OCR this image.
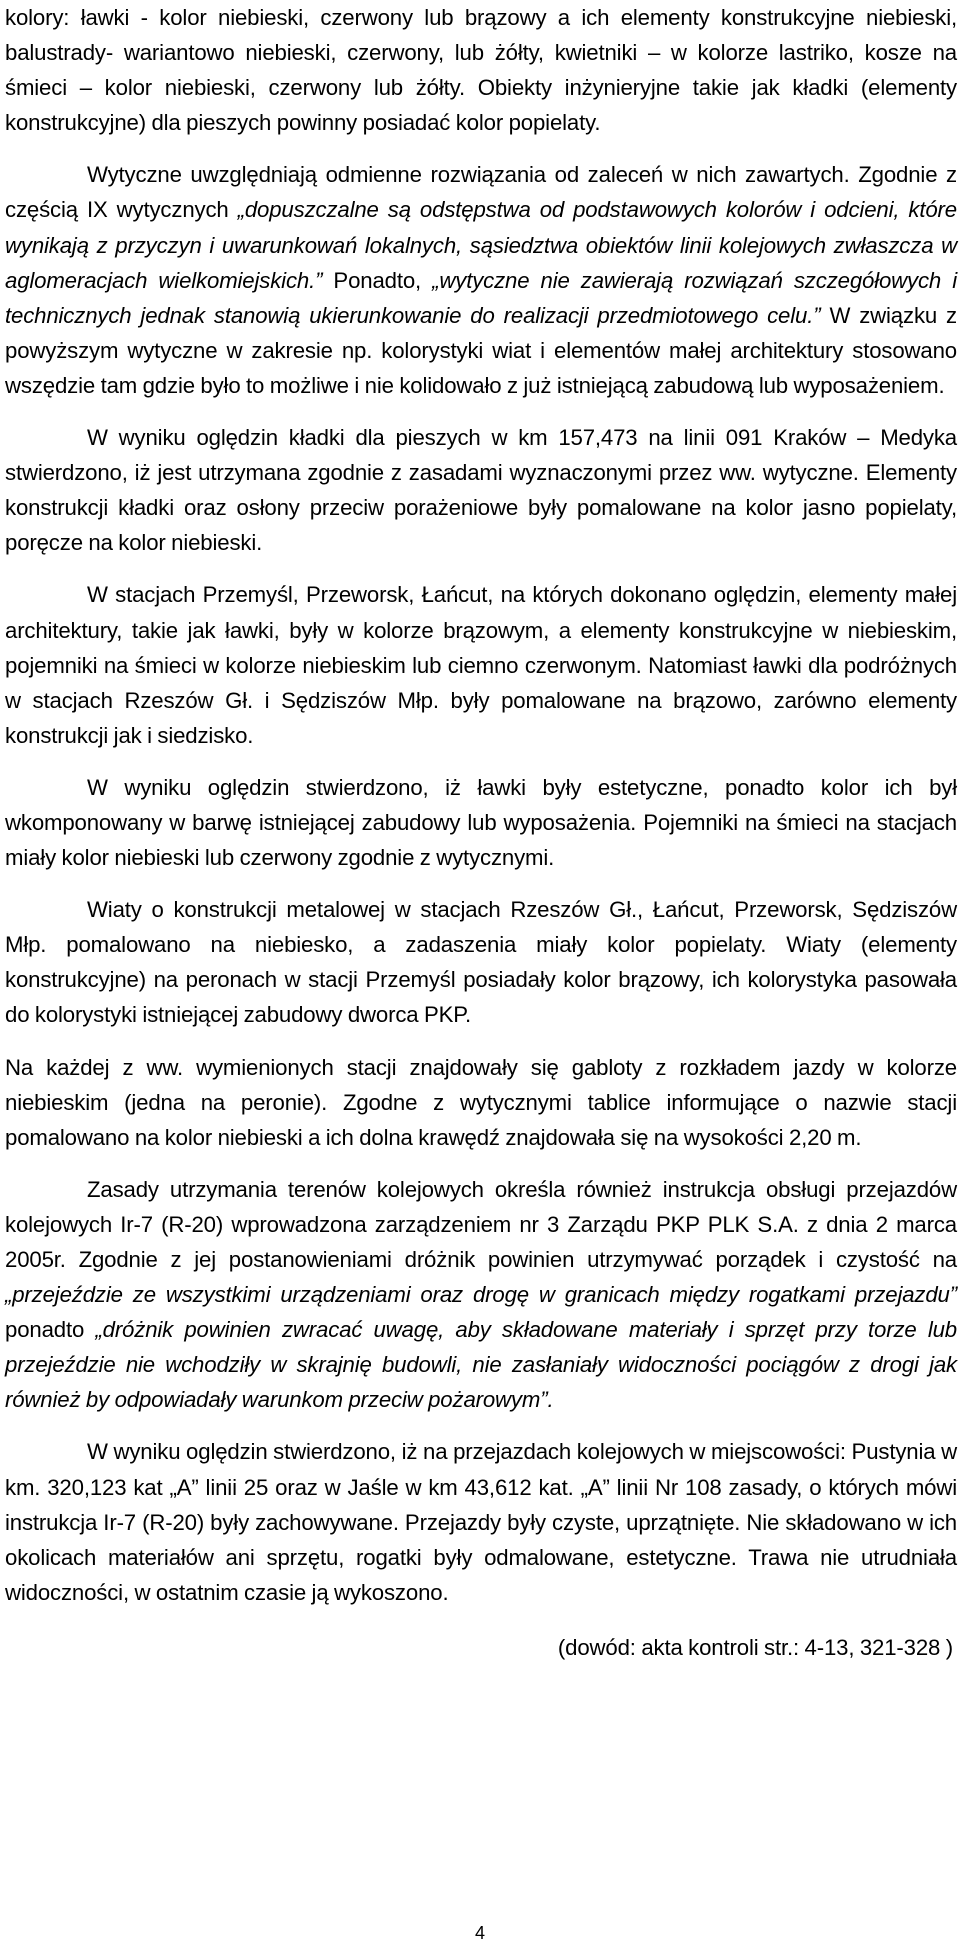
kolory: ławki - kolor niebieski, czerwony lub brązowy a ich elementy konstrukcyjne niebieski, balustrady- wariantowo niebieski, czerwony, lub żółty, kwietniki – w kolorze lastriko, kosze na śmieci – kolor niebieski, czerwony lub żółty. Obiekty inżynieryjne takie jak kładki (elementy konstrukcyjne) dla pieszych powinny posiadać kolor popielaty.

Wytyczne uwzględniają odmienne rozwiązania od zaleceń w nich zawartych. Zgodnie z częścią IX wytycznych „dopuszczalne są odstępstwa od podstawowych kolorów i odcieni, które wynikają z przyczyn i uwarunkowań lokalnych, sąsiedztwa obiektów linii kolejowych zwłaszcza w aglomeracjach wielkomiejskich.” Ponadto, „wytyczne nie zawierają rozwiązań szczegółowych i technicznych jednak stanowią ukierunkowanie do realizacji przedmiotowego celu.” W związku z powyższym wytyczne w zakresie np. kolorystyki wiat i elementów małej architektury stosowano wszędzie tam gdzie było to możliwe i nie kolidowało z już istniejącą zabudową lub wyposażeniem.

W wyniku oględzin kładki dla pieszych w km 157,473 na linii 091 Kraków – Medyka stwierdzono, iż jest utrzymana zgodnie z zasadami wyznaczonymi przez ww. wytyczne. Elementy konstrukcji kładki oraz osłony przeciw porażeniowe były pomalowane na kolor jasno popielaty, poręcze na kolor niebieski.

W stacjach Przemyśl, Przeworsk, Łańcut, na których dokonano oględzin, elementy małej architektury, takie jak ławki, były w kolorze brązowym, a elementy konstrukcyjne w niebieskim, pojemniki na śmieci w kolorze niebieskim lub ciemno czerwonym. Natomiast ławki dla podróżnych w stacjach Rzeszów Gł. i Sędziszów Młp. były pomalowane na brązowo, zarówno elementy konstrukcji jak i siedzisko.

W wyniku oględzin stwierdzono, iż ławki były estetyczne, ponadto kolor ich był wkomponowany w barwę istniejącej zabudowy lub wyposażenia. Pojemniki na śmieci na stacjach miały kolor niebieski lub czerwony zgodnie z wytycznymi.

Wiaty o konstrukcji metalowej w stacjach Rzeszów Gł., Łańcut, Przeworsk, Sędziszów Młp. pomalowano na niebiesko, a zadaszenia miały kolor popielaty. Wiaty (elementy konstrukcyjne) na peronach w stacji Przemyśl posiadały kolor brązowy, ich kolorystyka pasowała do kolorystyki istniejącej zabudowy dworca PKP.

Na każdej z ww. wymienionych stacji znajdowały się gabloty z rozkładem jazdy w kolorze niebieskim (jedna na peronie). Zgodne z wytycznymi tablice informujące o nazwie stacji pomalowano na kolor niebieski a ich dolna krawędź znajdowała się na wysokości 2,20 m.

Zasady utrzymania terenów kolejowych określa również instrukcja obsługi przejazdów kolejowych Ir-7 (R-20) wprowadzona zarządzeniem nr 3 Zarządu PKP PLK S.A. z dnia 2 marca 2005r. Zgodnie z jej postanowieniami dróżnik powinien utrzymywać porządek i czystość na „przejeździe ze wszystkimi urządzeniami oraz drogę w granicach między rogatkami przejazdu” ponadto „dróżnik powinien zwracać uwagę, aby składowane materiały i sprzęt przy torze lub przejeździe nie wchodziły w skrajnię budowli, nie zasłaniały widoczności pociągów z drogi jak również by odpowiadały warunkom przeciw pożarowym”.

W wyniku oględzin stwierdzono, iż na przejazdach kolejowych w miejscowości: Pustynia w km. 320,123 kat „A” linii 25 oraz w Jaśle w km 43,612 kat. „A” linii Nr 108 zasady, o których mówi instrukcja Ir-7 (R-20) były zachowywane. Przejazdy były czyste, uprzątnięte. Nie składowano w ich okolicach materiałów ani sprzętu, rogatki były odmalowane, estetyczne. Trawa nie utrudniała widoczności, w ostatnim czasie ją wykoszono.

(dowód: akta kontroli str.: 4-13, 321-328 )

4
